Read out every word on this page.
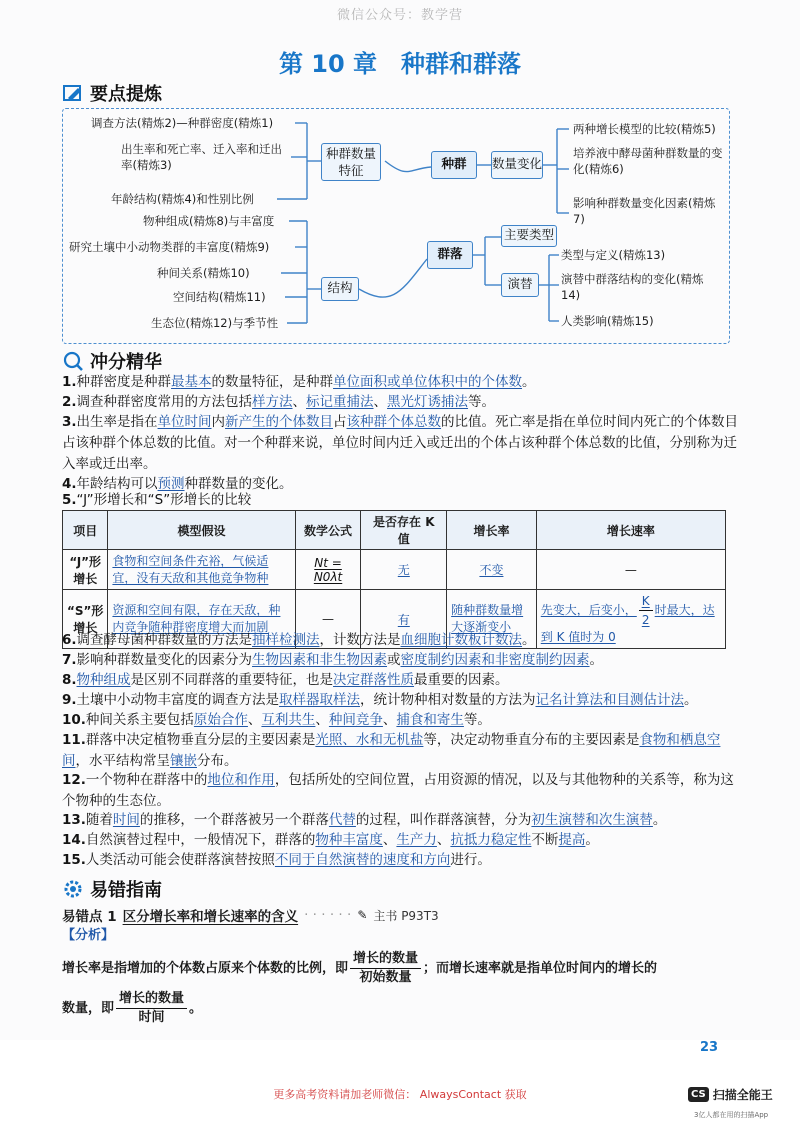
微信公众号：教学营
第 10 章　种群和群落
要点提炼
调查方法(精炼2)—种群密度(精炼1)
出生率和死亡率、迁入率和迁出率(精炼3)
年龄结构(精炼4)和性别比例
种群数量特征	种群	数量变化
两种增长模型的比较(精炼5)
培养液中酵母菌种群数量的变化(精炼6)
影响种群数量变化因素(精炼7)
物种组成(精炼8)与丰富度
研究土壤中小动物类群的丰富度(精炼9)
种间关系(精炼10)
空间结构(精炼11)
生态位(精炼12)与季节性
结构
群落
主要类型
演替
类型与定义(精炼13)
演替中群落结构的变化(精炼14)
人类影响(精炼15)
冲分精华
1.种群密度是种群最基本的数量特征，是种群单位面积或单位体积中的个体数。
2.调查种群密度常用的方法包括样方法、标记重捕法、黑光灯诱捕法等。
3.出生率是指在单位时间内新产生的个体数目占该种群个体总数的比值。死亡率是指在单位时间内死亡的个体数目占该种群个体总数的比值。对一个种群来说，单位时间内迁入或迁出的个体占该种群个体总数的比值，分别称为迁入率或迁出率。
4.年龄结构可以预测种群数量的变化。
5.“J”形增长和“S”形增长的比较
项目	模型假设	数学公式	是否存在 K 值	增长率	增长速率
“J”形增长	食物和空间条件充裕，气候适宜，没有天敌和其他竞争物种	Nt = N0λt	无	不变	—
“S”形增长	资源和空间有限，存在天敌，种内竞争随种群密度增大而加剧	—	有	随种群数量增大逐渐变小	先变大，后变小， $\frac{K}{2}$ 时最大，达到 K 值时为 0
6.调查酵母菌种群数量的方法是抽样检测法，计数方法是血细胞计数板计数法。
7.影响种群数量变化的因素分为生物因素和非生物因素或密度制约因素和非密度制约因素。
8.物种组成是区别不同群落的重要特征，也是决定群落性质最重要的因素。
9.土壤中小动物丰富度的调查方法是取样器取样法，统计物种相对数量的方法为记名计算法和目测估计法。
10.种间关系主要包括原始合作、互利共生、种间竞争、捕食和寄生等。
11.群落中决定植物垂直分层的主要因素是光照、水和无机盐等，决定动物垂直分布的主要因素是食物和栖息空间，水平结构常呈镶嵌分布。
12.一个物种在群落中的地位和作用，包括所处的空间位置，占用资源的情况，以及与其他物种的关系等，称为这个物种的生态位。
13.随着时间的推移，一个群落被另一个群落代替的过程，叫作群落演替，分为初生演替和次生演替。
14.自然演替过程中，一般情况下，群落的物种丰富度、生产力、抗抵力稳定性不断提高。
15.人类活动可能会使群落演替按照不同于自然演替的速度和方向进行。
易错指南
易错点 1 区分增长率和增长速率的含义 · · · · · · ✎ 主书 P93T3
【分析】
增长率是指增加的个体数占原来个体数的比例，即 $\frac{\text{增长的数量}}{\text{初始数量}}$ ；而增长速率就是指单位时间内的增长的
数量，即 $\frac{\text{增长的数量}}{\text{时间}}$ 。
23
更多高考资料请加老师微信： AlwaysContact 获取	CS 扫描全能王
3亿人都在用的扫描App
